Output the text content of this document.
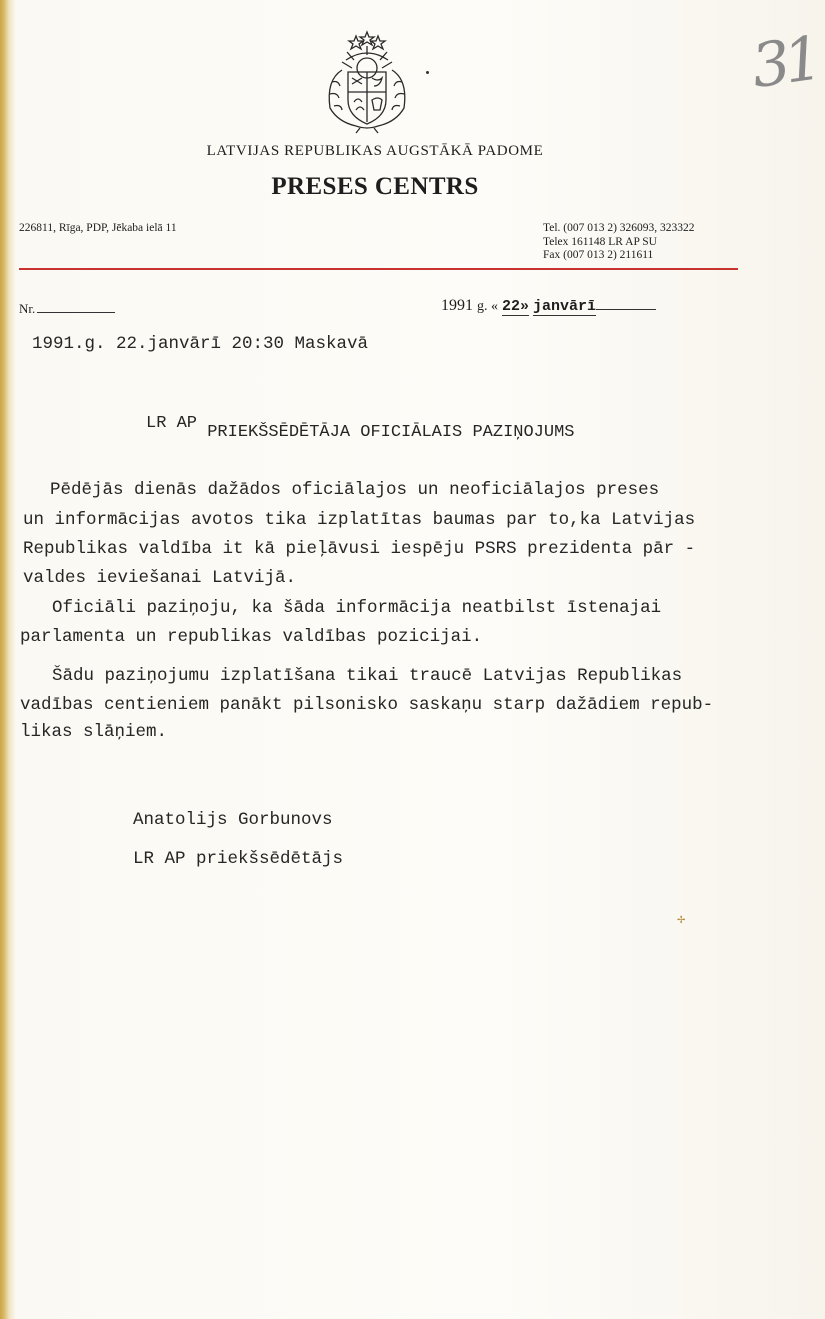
LATVIJAS REPUBLIKAS AUGSTĀKĀ PADOME
PRESES CENTRS
226811, Rīga, PDP, Jēkaba ielā 11	Tel. (007 013 2) 326093, 323322
Telex 161148 LR AP SU
Fax (007 013 2) 211611
Nr.	1991 g. « 22» janvārī
1991.g. 22.janvārī 20:30 Maskavā
LR AP PRIEKŠSĒDĒTĀJA OFICIĀLAIS PAZIŅOJUMS
Pēdējās dienās dažādos oficiālajos un neoficiālajos preses
un informācijas avotos tika izplatītas baumas par to,ka Latvijas
Republikas valdība it kā pieļāvusi iespēju PSRS prezidenta pār -
valdes ieviešanai Latvijā.
Oficiāli paziņoju, ka šāda informācija neatbilst īstenajai
parlamenta un republikas valdības pozicijai.
Šādu paziņojumu izplatīšana tikai traucē Latvijas Republikas
vadības centieniem panākt pilsonisko saskaņu starp dažādiem repub-
likas slāņiem.
Anatolijs Gorbunovs
LR AP priekšsēdētājs
31
✢
